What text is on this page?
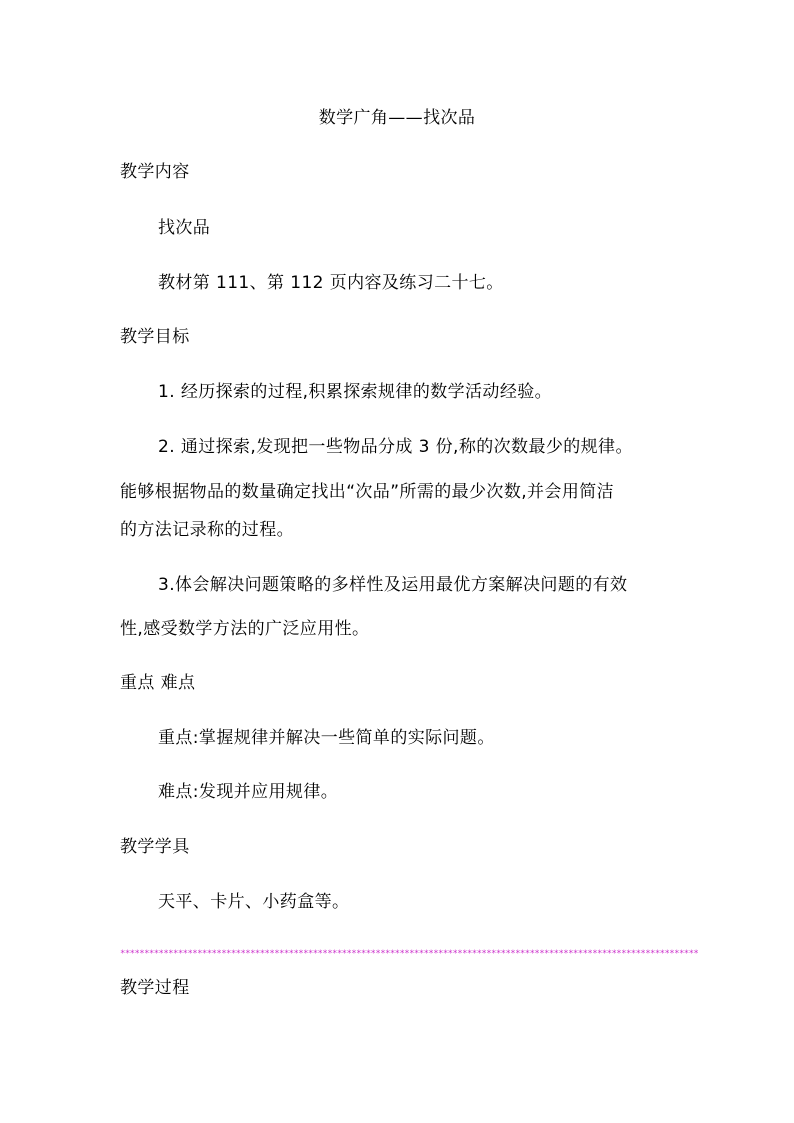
数学广角——找次品
教学内容
找次品
教材第 111、第 112 页内容及练习二十七。
教学目标
1. 经历探索的过程,积累探索规律的数学活动经验。
2. 通过探索,发现把一些物品分成 3 份,称的次数最少的规律。
能够根据物品的数量确定找出“次品”所需的最少次数,并会用简洁
的方法记录称的过程。
3.体会解决问题策略的多样性及运用最优方案解决问题的有效
性,感受数学方法的广泛应用性。
重点 难点
重点:掌握规律并解决一些简单的实际问题。
难点:发现并应用规律。
教学学具
天平、卡片、小药盒等。
************************************************************************************************************************
教学过程
